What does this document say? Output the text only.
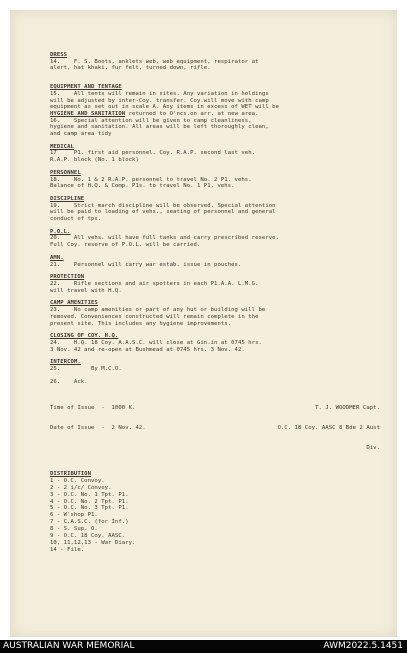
DRESS
14.    F. S. Boots, anklets web, web equipment, respirator at
alert, hat khaki, fur felt, turned down, rifle.
EQUIPMENT AND TENTAGE
15.    All tents will remain in sites. Any variation in holdings
will be adjusted by inter-Coy. transfer. Coy.will move with camp
equipment as set out in scale A. Any items in excess of WET will be
HYGIENE AND SANITATION returned to O'ncs.on arr. at new area.
16.    Special attention will be given to camp cleanliness,
hygiene and sanitation. All areas will be left thoroughly clean,
and camp area tidy
MEDICAL
17     P1. first aid personnel. Coy. R.A.P. second last veh.
R.A.P. block (No. 1 block)
PERSONNEL
18.    No. 1 & 2 R.A.P. personnel to travel No. 2 P1. vehs.
Balance of H.Q. & Comp. P1s. to travel No. 1 P1. vehs.
DISCIPLINE
19.    Strict march discipline will be observed. Special attention
will be paid to loading of vehs., seating of personnel and general
conduct of tps.
P.O.L.
20.    All vehs. will have full tanks and carry prescribed reserve.
Full Coy. reserve of P.O.L. will be carried.
AMN.
21.    Personnel will carry war estab. issue in pouches.
PROTECTION
22.    Rifle sections and air spotters in each P1.A.A. L.M.G.
will travel with H.Q.
CAMP AMENITIES
23.    No camp amenities or part of any hut or building will be
removed. Conveniences constructed will remain complete in the
present site. This includes any hygiene improvements.
CLOSING OF COY. H.Q.
24.    H.Q. 18 Coy. A.A.S.C. will close at Gin.in at 0745 hrs.
3 Nov. 42 and re-open at Bushmead at 0745 hrs. 3 Nov. 42.
INTERCOM.
25.         By M.C.O.
26.    Ack.

Time of Issue  -  1000 K.

Date of Issue  -  2 Nov. 42.

T. J. WOODMER Capt.

O.C. 18 Coy. AASC 8 Bde 2 Aust

Div.

DISTRIBUTION
1 - O.C. Convoy.
2 - 2 i/c/ Convoy.
3 - O.C. No. 1 Tpt. P1.
4 - O.C. No. 2 Tpt. P1.
5 - O.C. No. 3 Tpt. P1.
6 - W'shop P1.
7 - C.A.S.C. (for Inf.)
8 - S. Sup. O.
9 - O.C. 18 Coy. AASC.
10, 11,12,13 - War Diary.
14 - File.
AUSTRALIAN WAR MEMORIAL	AWM2022.5.1451
